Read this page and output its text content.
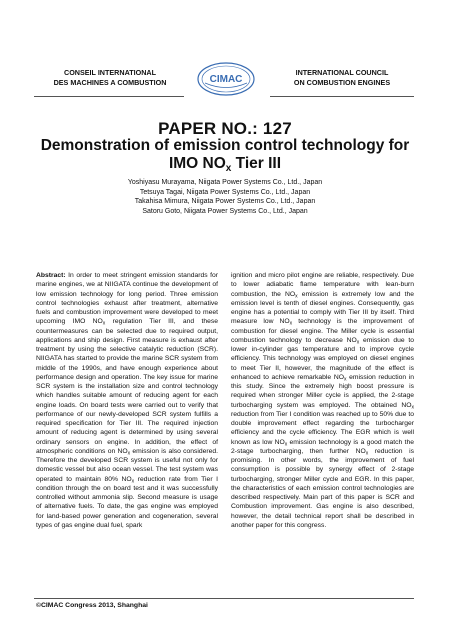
CONSEIL INTERNATIONAL
DES MACHINES A COMBUSTION	CIMAC
INTERNATIONAL COUNCIL
ON COMBUSTION ENGINES
PAPER NO.: 127
Demonstration of emission control technology for
IMO $NO_x$ Tier III
Yoshiyasu Murayama, Niigata Power Systems Co., Ltd., Japan
Tetsuya Tagai, Niigata Power Systems Co., Ltd., Japan
Takahisa Mimura, Niigata Power Systems Co., Ltd., Japan
Satoru Goto, Niigata Power Systems Co., Ltd., Japan
Abstract: In order to meet stringent emission standards for marine engines, we at NIIGATA continue the development of low emission technology for long period. Three emission control technologies exhaust after treatment, alternative fuels and combustion improvement were developed to meet upcoming IMO $NO_x$ regulation Tier III, and these countermeasures can be selected due to required output, applications and ship design. First measure is exhaust after treatment by using the selective catalytic reduction (SCR). NIIGATA has started to provide the marine SCR system from middle of the 1990s, and have enough experience about performance design and operation. The key issue for marine SCR system is the installation size and control technology which handles suitable amount of reducing agent for each engine loads. On board tests were carried out to verify that performance of our newly-developed SCR system fulfills a required specification for Tier III. The required injection amount of reducing agent is determined by using several ordinary sensors on engine. In addition, the effect of atmospheric conditions on $NO_x$ emission is also considered. Therefore the developed SCR system is useful not only for domestic vessel but also ocean vessel. The test system was operated to maintain 80% $NO_x$ reduction rate from Tier I condition through the on board test and it was successfully controlled without ammonia slip. Second measure is usage of alternative fuels. To date, the gas engine was employed for land-based power generation and cogeneration, several types of gas engine dual fuel, spark
ignition and micro pilot engine are reliable, respectively. Due to lower adiabatic flame temperature with lean-burn combustion, the $NO_x$ emission is extremely low and the emission level is tenth of diesel engines. Consequently, gas engine has a potential to comply with Tier III by itself. Third measure low $NO_x$ technology is the improvement of combustion for diesel engine. The Miller cycle is essential combustion technology to decrease $NO_x$ emission due to lower in-cylinder gas temperature and to improve cycle efficiency. This technology was employed on diesel engines to meet Tier II, however, the magnitude of the effect is enhanced to achieve remarkable $NO_x$ emission reduction in this study. Since the extremely high boost pressure is required when stronger Miller cycle is applied, the 2-stage turbocharging system was employed. The obtained $NO_x$ reduction from Tier I condition was reached up to 50% due to double improvement effect regarding the turbocharger efficiency and the cycle efficiency. The EGR which is well known as low $NO_x$ emission technology is a good match the 2-stage turbocharging, then further $NO_x$ reduction is promising. In other words, the improvement of fuel consumption is possible by synergy effect of 2-stage turbocharging, stronger Miller cycle and EGR. In this paper, the characteristics of each emission control technologies are described respectively. Main part of this paper is SCR and Combustion improvement. Gas engine is also described, however, the detail technical report shall be described in another paper for this congress.
©CIMAC Congress 2013, Shanghai
